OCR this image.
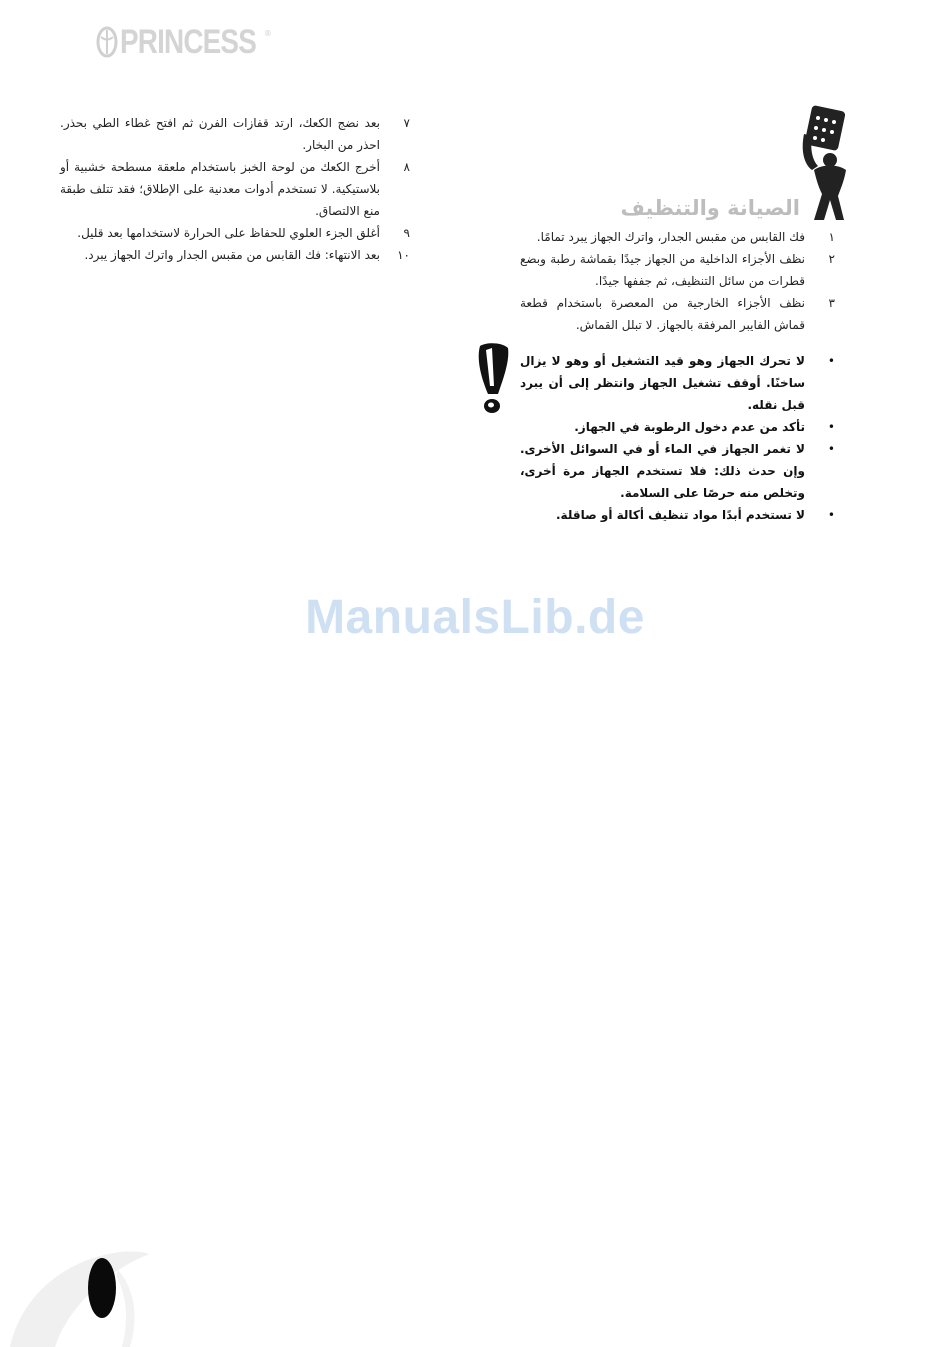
PRINCESS ®
٧
بعد نضج الكعك، ارتد قفازات الفرن ثم افتح غطاء الطي بحذر. احذر من البخار.
٨
أخرج الكعك من لوحة الخبز باستخدام ملعقة مسطحة خشبية أو بلاستيكية. لا تستخدم أدوات معدنية على الإطلاق؛ فقد تتلف طبقة منع الالتصاق.
٩
أغلق الجزء العلوي للحفاظ على الحرارة لاستخدامها بعد قليل.
١٠
بعد الانتهاء: فك القابس من مقبس الجدار واترك الجهاز يبرد.
الصيانة والتنظيف
١
فك القابس من مقبس الجدار، واترك الجهاز يبرد تمامًا.
٢
نظف الأجزاء الداخلية من الجهاز جيدًا بقماشة رطبة وبضع قطرات من سائل التنظيف، ثم جففها جيدًا.
٣
نظف الأجزاء الخارجية من المعصرة باستخدام قطعة قماش الفايبر المرفقة بالجهاز. لا تبلل القماش.
•
لا تحرك الجهاز وهو قيد التشغيل أو وهو لا يزال ساخنًا. أوقف تشغيل الجهاز وانتظر إلى أن يبرد قبل نقله.
•
تأكد من عدم دخول الرطوبة في الجهاز.
•
لا تغمر الجهاز في الماء أو في السوائل الأخرى. وإن حدث ذلك: فلا تستخدم الجهاز مرة أخرى، وتخلص منه حرصًا على السلامة.
•
لا تستخدم أبدًا مواد تنظيف أكالة أو صاقلة.
ManualsLib.de
